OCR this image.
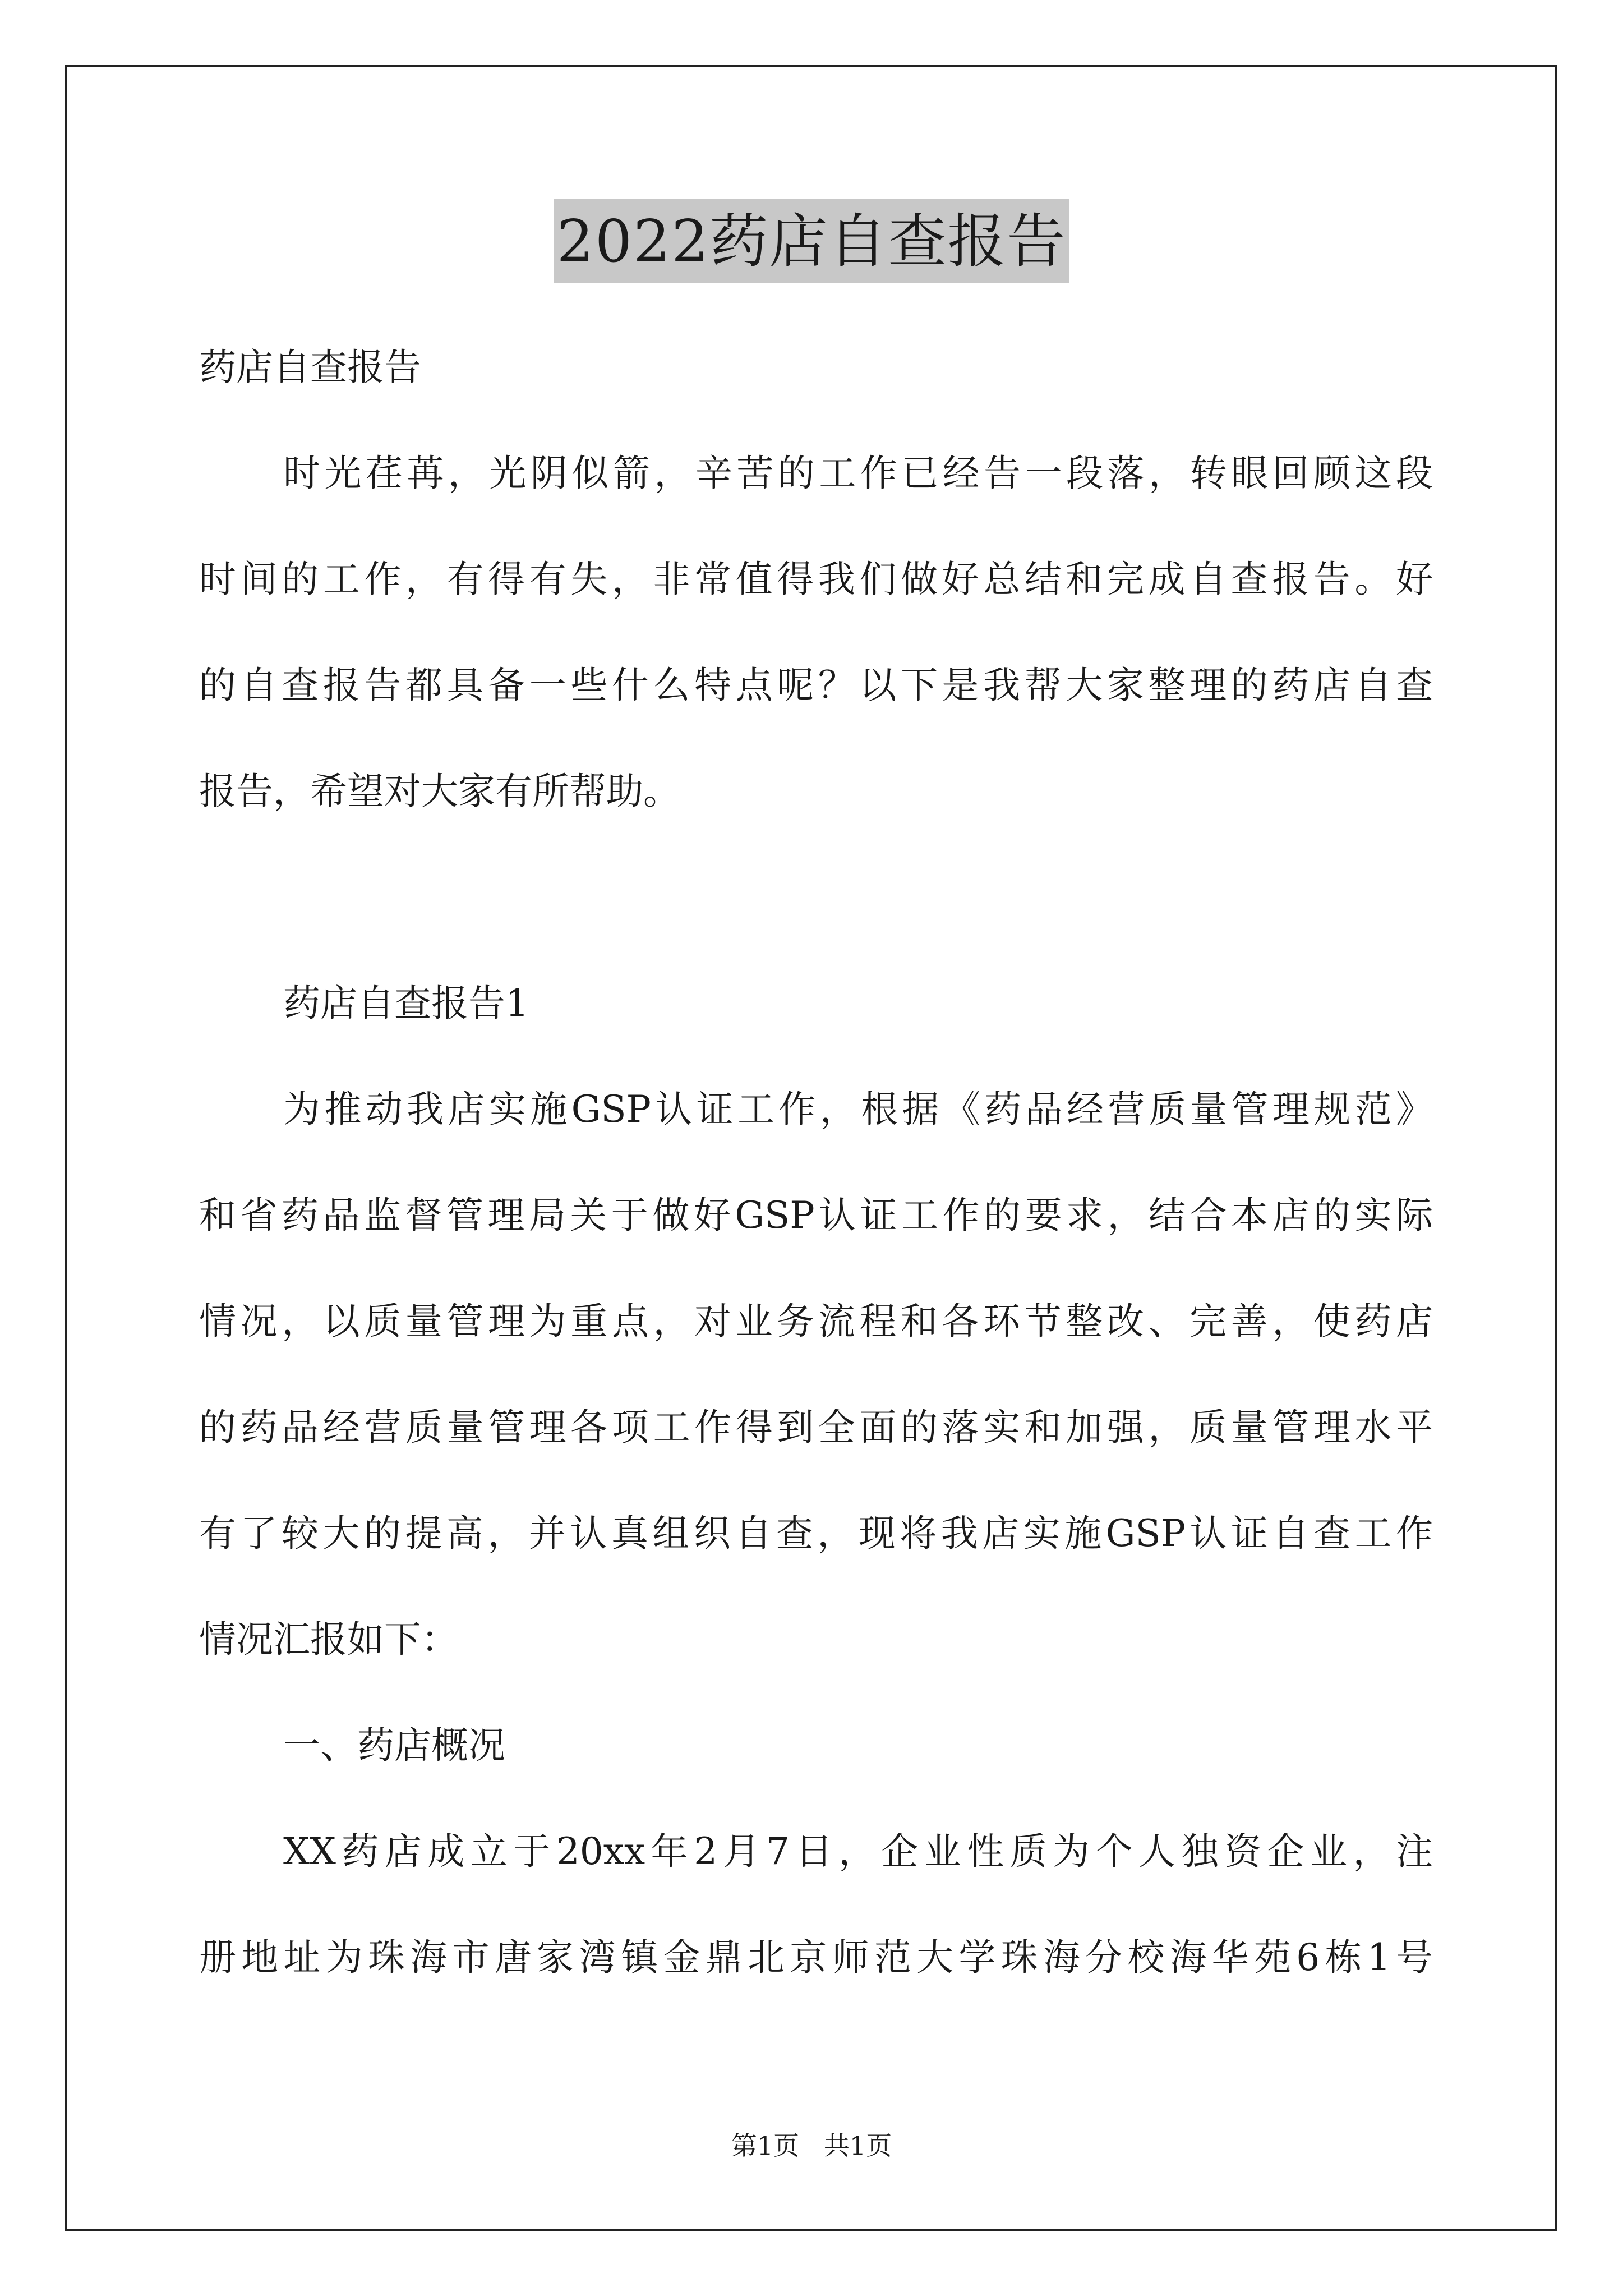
2022药店自查报告
药店自查报告
时光荏苒，光阴似箭，辛苦的工作已经告一段落，转眼回顾这段
时间的工作，有得有失，非常值得我们做好总结和完成自查报告。好
的自查报告都具备一些什么特点呢？以下是我帮大家整理的药店自查
报告，希望对大家有所帮助。
药店自查报告1
为推动我店实施GSP认证工作，根据《药品经营质量管理规范》
和省药品监督管理局关于做好GSP认证工作的要求，结合本店的实际
情况，以质量管理为重点，对业务流程和各环节整改、完善，使药店
的药品经营质量管理各项工作得到全面的落实和加强，质量管理水平
有了较大的提高，并认真组织自查，现将我店实施GSP认证自查工作
情况汇报如下：
一、药店概况
XX药店成立于20xx年2月7日，企业性质为个人独资企业，注
册地址为珠海市唐家湾镇金鼎北京师范大学珠海分校海华苑6栋1号
第1页   共1页
